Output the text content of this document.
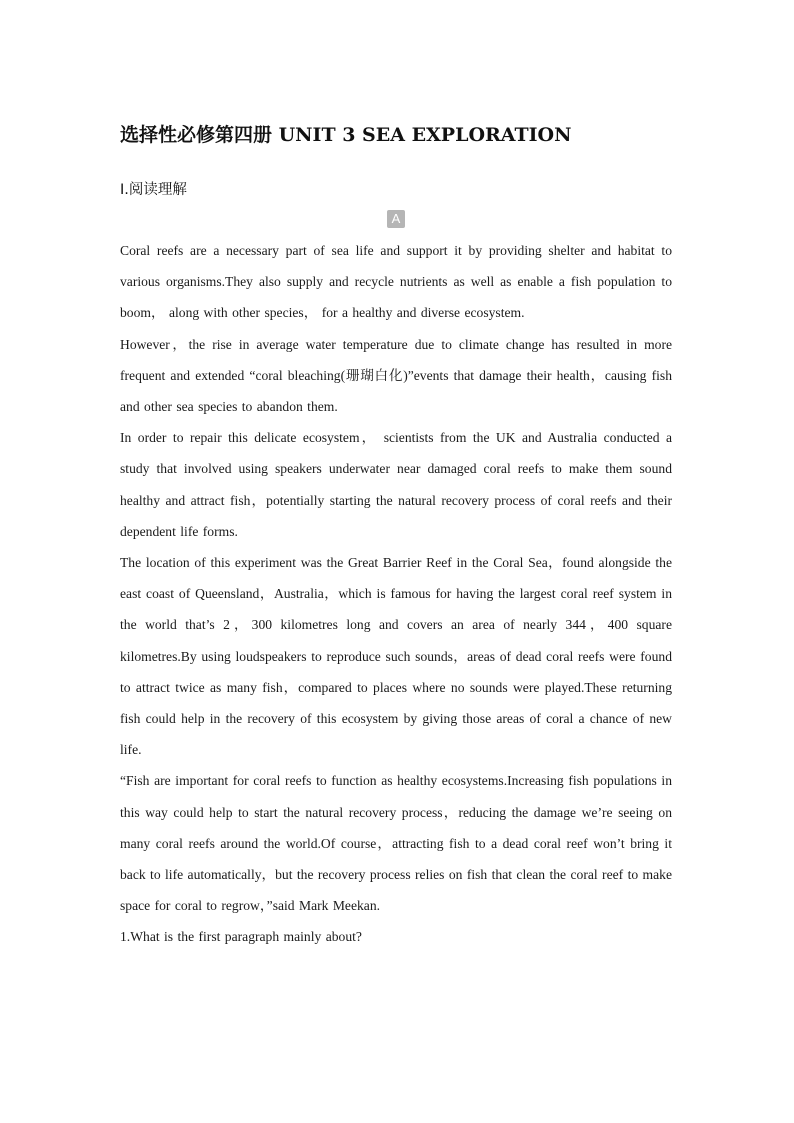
选择性必修第四册 UNIT 3 SEA EXPLORATION
Ⅰ.阅读理解
A

Coral reefs are a necessary part of sea life and support it by providing shelter and habitat to various organisms.They also supply and recycle nutrients as well as enable a fish population to boom， along with other species， for a healthy and diverse ecosystem.

However，the rise in average water temperature due to climate change has resulted in more frequent and extended “coral bleaching(珊瑚白化)”events that damage their health，causing fish and other sea species to abandon them.

In order to repair this delicate ecosystem， scientists from the UK and Australia conducted a study that involved using speakers underwater near damaged coral reefs to make them sound healthy and attract fish，potentially starting the natural recovery process of coral reefs and their dependent life forms.

The location of this experiment was the Great Barrier Reef in the Coral Sea，found alongside the east coast of Queensland，Australia，which is famous for having the largest coral reef system in the world that’s 2，300 kilometres long and covers an area of nearly 344，400 square kilometres.By using loudspeakers to reproduce such sounds，areas of dead coral reefs were found to attract twice as many fish，compared to places where no sounds were played.These returning fish could help in the recovery of this ecosystem by giving those areas of coral a chance of new life.

“Fish are important for coral reefs to function as healthy ecosystems.Increasing fish populations in this way could help to start the natural recovery process，reducing the damage we’re seeing on many coral reefs around the world.Of course，attracting fish to a dead coral reef won’t bring it back to life automatically，but the recovery process relies on fish that clean the coral reef to make space for coral to regrow，”said Mark Meekan.

1.What is the first paragraph mainly about?
